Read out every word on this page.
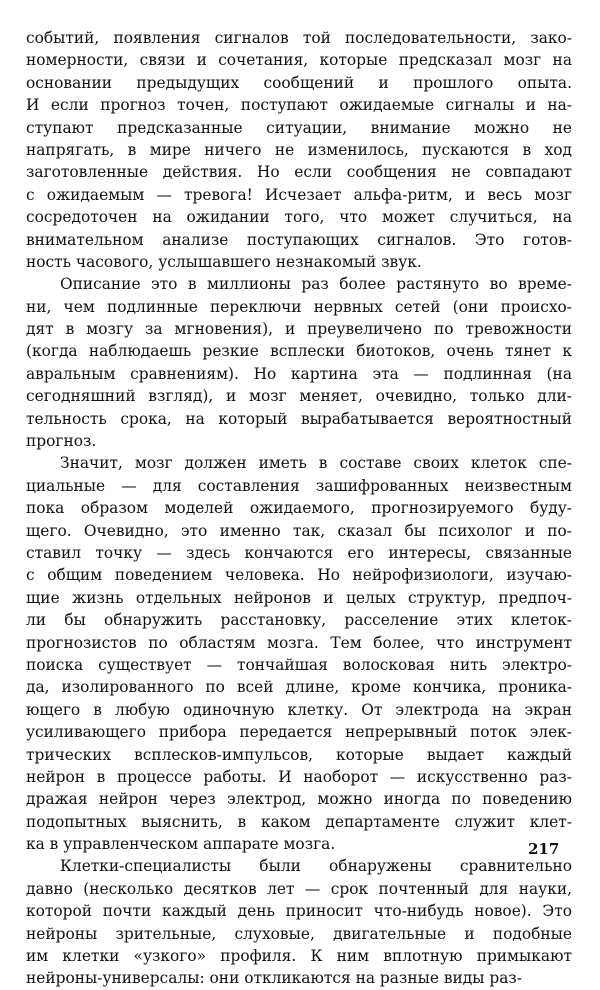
событий, появления сигналов той последовательности, зако-
номерности, связи и сочетания, которые предсказал мозг на
основании предыдущих сообщений и прошлого опыта.
И если прогноз точен, поступают ожидаемые сигналы и на-
ступают предсказанные ситуации, внимание можно не
напрягать, в мире ничего не изменилось, пускаются в ход
заготовленные действия. Но если сообщения не совпадают
с ожидаемым — тревога! Исчезает альфа-ритм, и весь мозг
сосредоточен на ожидании того, что может случиться, на
внимательном анализе поступающих сигналов. Это готов-
ность часового, услышавшего незнакомый звук.
Описание это в миллионы раз более растянуто во време-
ни, чем подлинные переключи нервных сетей (они происхо-
дят в мозгу за мгновения), и преувеличено по тревожности
(когда наблюдаешь резкие всплески биотоков, очень тянет к
авральным сравнениям). Но картина эта — подлинная (на
сегодняшний взгляд), и мозг меняет, очевидно, только дли-
тельность срока, на который вырабатывается вероятностный
прогноз.
Значит, мозг должен иметь в составе своих клеток спе-
циальные — для составления зашифрованных неизвестным
пока образом моделей ожидаемого, прогнозируемого буду-
щего. Очевидно, это именно так, сказал бы психолог и по-
ставил точку — здесь кончаются его интересы, связанные
с общим поведением человека. Но нейрофизиологи, изучаю-
щие жизнь отдельных нейронов и целых структур, предпоч-
ли бы обнаружить расстановку, расселение этих клеток-
прогнозистов по областям мозга. Тем более, что инструмент
поиска существует — тончайшая волосковая нить электро-
да, изолированного по всей длине, кроме кончика, проника-
ющего в любую одиночную клетку. От электрода на экран
усиливающего прибора передается непрерывный поток элек-
трических всплесков-импульсов, которые выдает каждый
нейрон в процессе работы. И наоборот — искусственно раз-
дражая нейрон через электрод, можно иногда по поведению
подопытных выяснить, в каком департаменте служит клет-
ка в управленческом аппарате мозга.
Клетки-специалисты были обнаружены сравнительно
давно (несколько десятков лет — срок почтенный для науки,
которой почти каждый день приносит что-нибудь новое). Это
нейроны зрительные, слуховые, двигательные и подобные
им клетки «узкого» профиля. К ним вплотную примыкают
нейроны-универсалы: они откликаются на разные виды раз-
217
